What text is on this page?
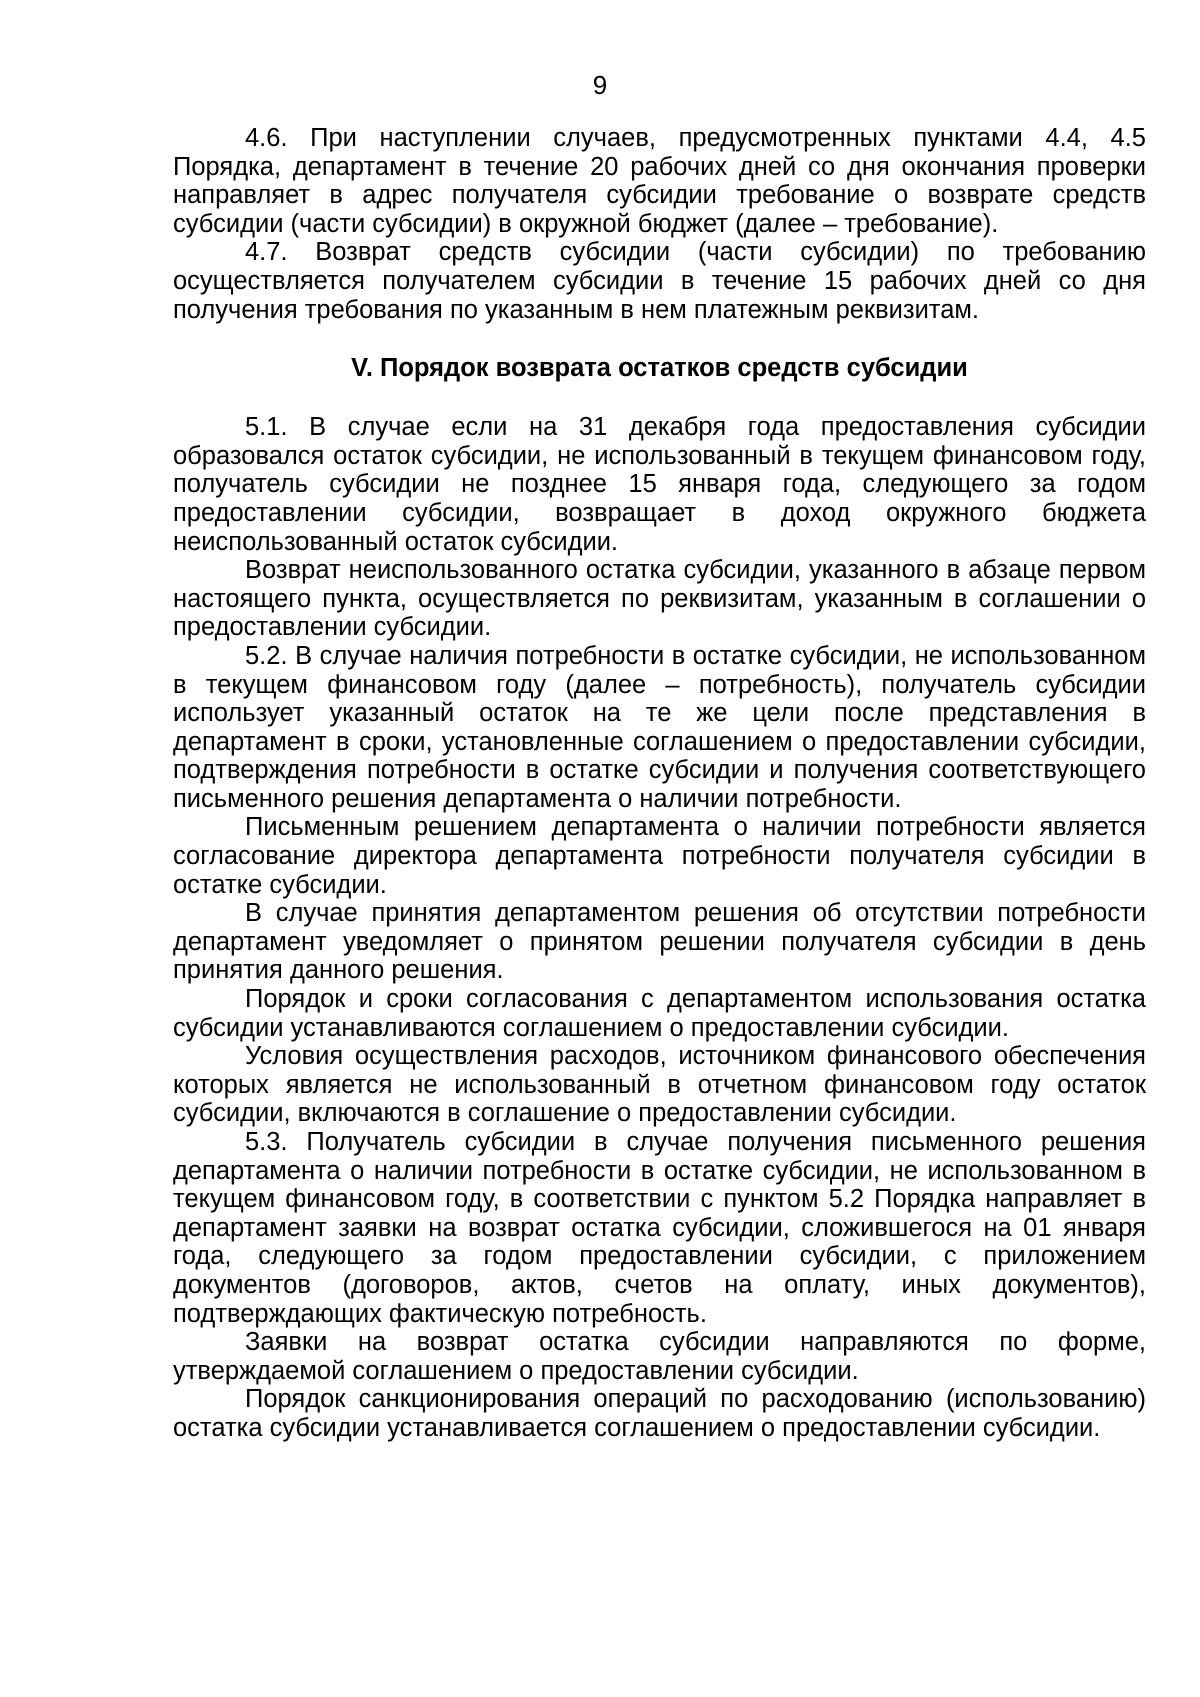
9

4.6. При наступлении случаев, предусмотренных пунктами 4.4, 4.5 Порядка, департамент в течение 20 рабочих дней со дня окончания проверки направляет в адрес получателя субсидии требование о возврате средств субсидии (части субсидии) в окружной бюджет (далее – требование).

4.7. Возврат средств субсидии (части субсидии) по требованию осуществляется получателем субсидии в течение 15 рабочих дней со дня получения требования по указанным в нем платежным реквизитам.

V. Порядок возврата остатков средств субсидии

5.1. В случае если на 31 декабря года предоставления субсидии образовался остаток субсидии, не использованный в текущем финансовом году, получатель субсидии не позднее 15 января года, следующего за годом предоставлении субсидии, возвращает в доход окружного бюджета неиспользованный остаток субсидии.

Возврат неиспользованного остатка субсидии, указанного в абзаце первом настоящего пункта, осуществляется по реквизитам, указанным в соглашении о предоставлении субсидии.

5.2. В случае наличия потребности в остатке субсидии, не использованном в текущем финансовом году (далее – потребность), получатель субсидии использует указанный остаток на те же цели после представления в департамент в сроки, установленные соглашением о предоставлении субсидии, подтверждения потребности в остатке субсидии и получения соответствующего письменного решения департамента о наличии потребности.

Письменным решением департамента о наличии потребности является согласование директора департамента потребности получателя субсидии в остатке субсидии.

В случае принятия департаментом решения об отсутствии потребности департамент уведомляет о принятом решении получателя субсидии в день принятия данного решения.

Порядок и сроки согласования с департаментом использования остатка субсидии устанавливаются соглашением о предоставлении субсидии.

Условия осуществления расходов, источником финансового обеспечения которых является не использованный в отчетном финансовом году остаток субсидии, включаются в соглашение о предоставлении субсидии.

5.3. Получатель субсидии в случае получения письменного решения департамента о наличии потребности в остатке субсидии, не использованном в текущем финансовом году, в соответствии с пунктом 5.2 Порядка направляет в департамент заявки на возврат остатка субсидии, сложившегося на 01 января года, следующего за годом предоставлении субсидии, с приложением документов (договоров, актов, счетов на оплату, иных документов), подтверждающих фактическую потребность.

Заявки на возврат остатка субсидии направляются по форме, утверждаемой соглашением о предоставлении субсидии.

Порядок санкционирования операций по расходованию (использованию) остатка субсидии устанавливается соглашением о предоставлении субсидии.
